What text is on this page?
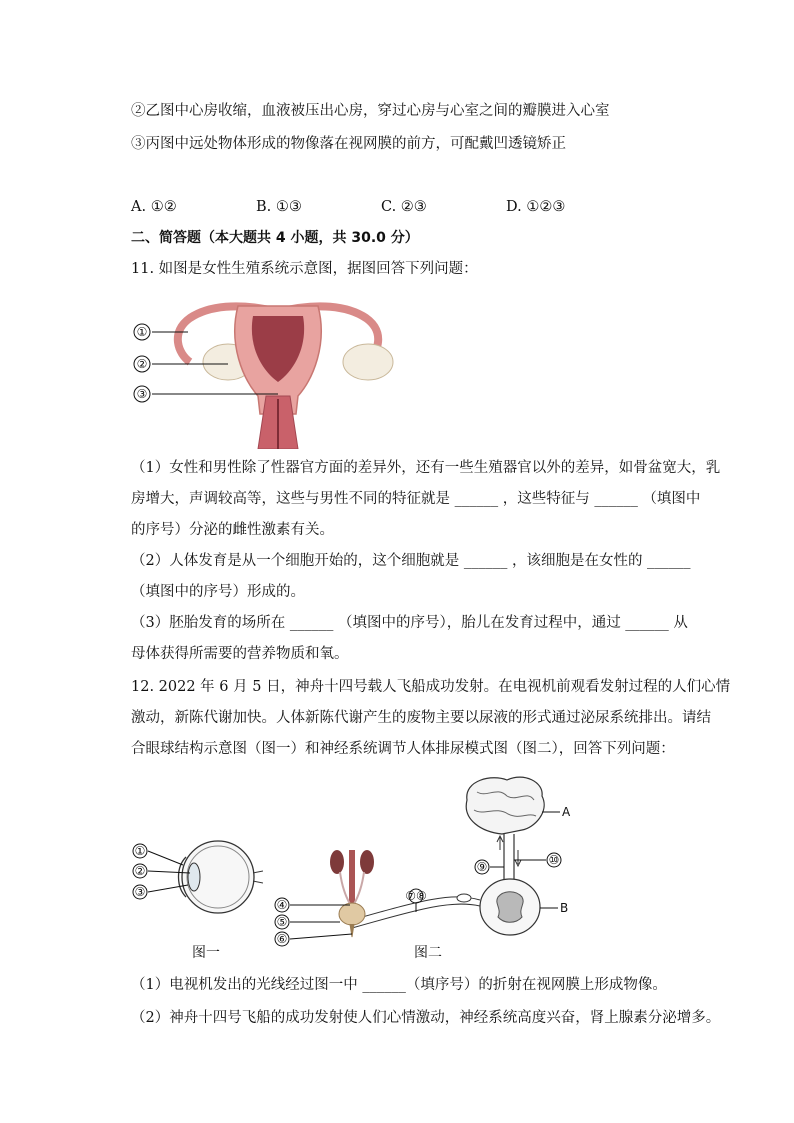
②乙图中心房收缩，血液被压出心房，穿过心房与心室之间的瓣膜进入心室
③丙图中远处物体形成的物像落在视网膜的前方，可配戴凹透镜矫正
A. ①②	B. ①③	C. ②③	D. ①②③
二、简答题（本大题共 4 小题，共 30.0 分）
11. 如图是女性生殖系统示意图，据图回答下列问题：
①
②
③
（1）女性和男性除了性器官方面的差异外，还有一些生殖器官以外的差异，如骨盆宽大，乳
房增大，声调较高等，这些与男性不同的特征就是 ______ ，这些特征与 ______ （填图中
的序号）分泌的雌性激素有关。
（2）人体发育是从一个细胞开始的，这个细胞就是 ______ ，该细胞是在女性的 ______
（填图中的序号）形成的。
（3）胚胎发育的场所在 ______ （填图中的序号），胎儿在发育过程中，通过 ______ 从
母体获得所需要的营养物质和氧。
12. 2022 年 6 月 5 日，神舟十四号载人飞船成功发射。在电视机前观看发射过程的人们心情
激动，新陈代谢加快。人体新陈代谢产生的废物主要以尿液的形式通过泌尿系统排出。请结
合眼球结构示意图（图一）和神经系统调节人体排尿模式图（图二），回答下列问题：
①
②
③
图一
A
⑨	⑩
B
⑦⑧
④
⑤
⑥
图二
（1）电视机发出的光线经过图一中 ______（填序号）的折射在视网膜上形成物像。
（2）神舟十四号飞船的成功发射使人们心情激动，神经系统高度兴奋，肾上腺素分泌增多。
